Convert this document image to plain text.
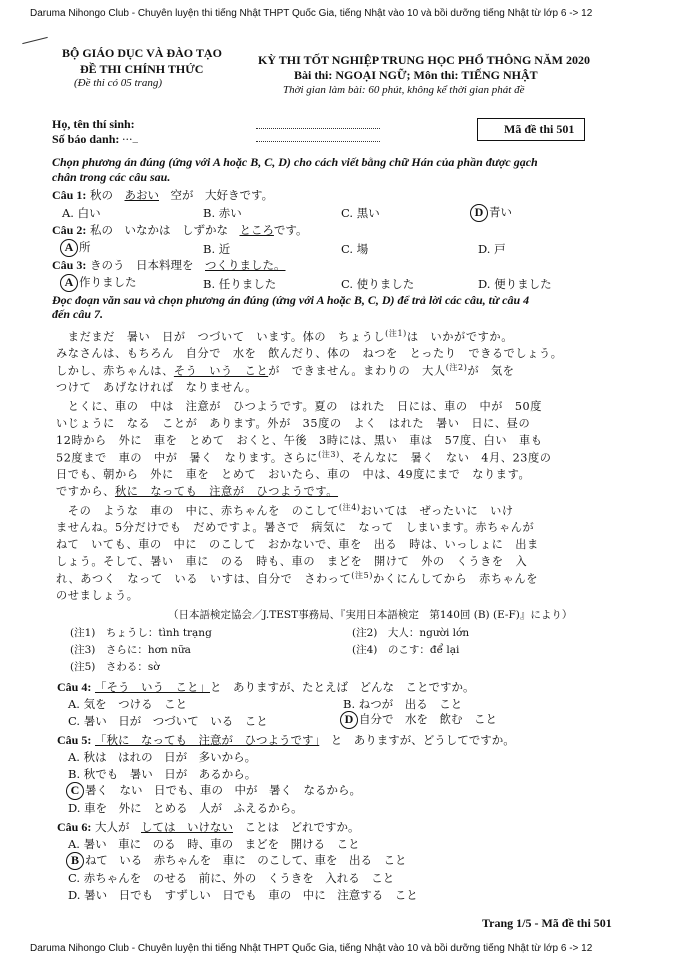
Daruma Nihongo Club - Chuyên luyện thi tiếng Nhật THPT Quốc Gia, tiếng Nhật vào 10 và bồi dưỡng tiếng Nhật từ lớp 6 -> 12
BỘ GIÁO DỤC VÀ ĐÀO TẠO
ĐỀ THI CHÍNH THỨC
(Đề thi có 05 trang)
KỲ THI TỐT NGHIỆP TRUNG HỌC PHỔ THÔNG NĂM 2020
Bài thi: NGOẠI NGỮ; Môn thi: TIẾNG NHẬT
Thời gian làm bài: 60 phút, không kể thời gian phát đề
Họ, tên thí sinh:
Số báo danh: ..._
Mã đề thi 501
Chọn phương án đúng (ứng với A hoặc B, C, D) cho cách viết bằng chữ Hán của phần được gạch
chân trong các câu sau.
Câu 1: 秋の　 あおい　 空が　大好きです。
A. 白い	B. 赤い	C. 黒い	D 青い
Câu 2: 私の　いなかは　しずかな　 ところです。
A 所	B. 近	C. 場	D. 戸
Câu 3: きのう　日本料理を　 つくりました。
A 作りました	B. 任りました	C. 使りました	D. 便りました
Đọc đoạn văn sau và chọn phương án đúng (ứng với A hoặc B, C, D) để trả lời các câu, từ câu 4
đến câu 7.
　まだまだ　暑い　日が　つづいて　います。体の　ちょうし$^{(注1)}$は　いかがですか。
みなさんは、もちろん　自分で　水を　飲んだり、体の　ねつを　とったり　できるでしょう。
しかし、赤ちゃんは、そう　いう　ことが　できません。まわりの　大人$^{(注2)}$が　気を
つけて　あげなければ　なりません。
　とくに、車の　中は　注意が　ひつようです。夏の　はれた　日には、車の　中が　50度
いじょうに　なる　ことが　あります。外が　35度の　よく　はれた　暑い　日に、昼の
12時から　外に　車を　とめて　おくと、午後　3時には、黒い　車は　57度、白い　車も
52度まで　車の　中が　暑く　なります。さらに$^{(注3)}$、そんなに　暑く　ない　4月、23度の
日でも、朝から　外に　車を　とめて　おいたら、車の　中は、49度にまで　なります。
ですから、秋に　なっても　注意が　ひつようです。
　その　ような　車の　中に、赤ちゃんを　のこして$^{(注4)}$おいては　ぜったいに　いけ
ませんね。5分だけでも　だめですよ。暑さで　病気に　なって　しまいます。赤ちゃんが
ねて　いても、車の　中に　のこして　おかないで、車を　出る　時は、いっしょに　出ま
しょう。そして、暑い　車に　のる　時も、車の　まどを　開けて　外の　くうきを　入
れ、あつく　なって　いる　いすは、自分で　さわって$^{(注5)}$かくにんしてから　赤ちゃんを
のせましょう。
（日本語検定協会／J.TEST事務局、『実用日本語検定　第140回 (B) (E-F)』により）
(注1)　ちょうし：tình trạng	(注2)　大人：người lớn
(注3)　さらに：hơn nữa	(注4)　のこす：để lại
(注5)　さわる：sờ
Câu 4: 「そう　いう　こと」と　ありますが、たとえば　どんな　ことですか。
A. 気を　つける　こと	B. ねつが　出る　こと
C. 暑い　日が　つづいて　いる　こと	D 自分で　水を　飲む　こと
Câu 5: 「秋に　なっても　注意が　ひつようです」　 と　ありますが、どうしてですか。
A. 秋は　はれの　日が　多いから。
B. 秋でも　暑い　日が　あるから。
C 暑く　ない　日でも、車の　中が　暑く　なるから。
D. 車を　外に　とめる　人が　ふえるから。
Câu 6: 大人が　 しては　いけない　 ことは　どれですか。
A. 暑い　車に　のる　時、車の　まどを　開ける　こと
B ねて　いる　赤ちゃんを　車に　のこして、車を　出る　こと
C. 赤ちゃんを　のせる　前に、外の　くうきを　入れる　こと
D. 暑い　日でも　すずしい　日でも　車の　中に　注意する　こと
Trang 1/5 - Mã đề thi 501
Daruma Nihongo Club - Chuyên luyện thi tiếng Nhật THPT Quốc Gia, tiếng Nhật vào 10 và bồi dưỡng tiếng Nhật từ lớp 6 -> 12
